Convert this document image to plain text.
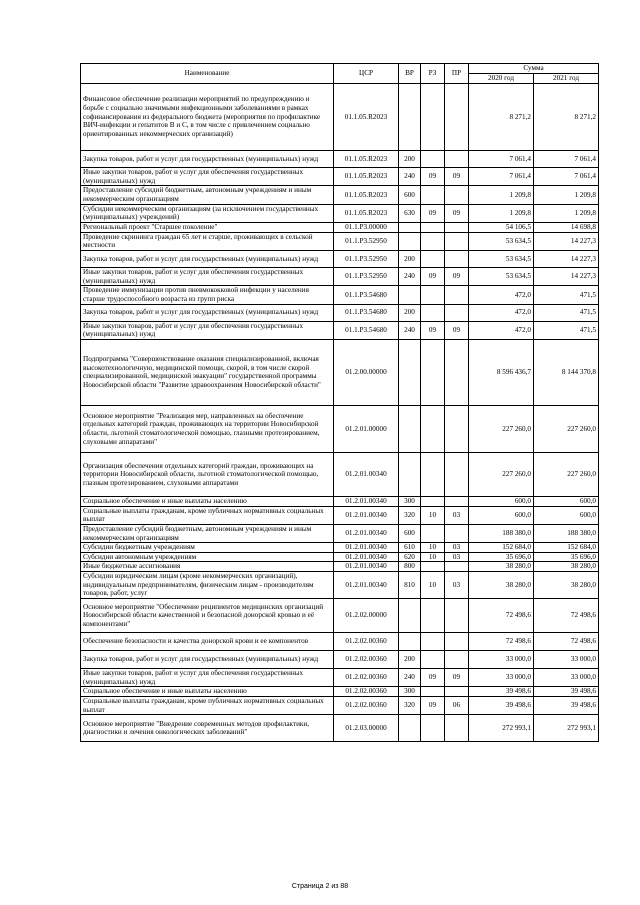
Наименование	ЦСР	ВР	РЗ	ПР	Сумма	
					2020 год	2021 год
Финансовое обеспечение реализации мероприятий по предупреждению и борьбе с социально значимыми инфекционными заболеваниями в рамках софинансирования из федерального бюджета (мероприятия по профилактике ВИЧ-инфекции и гепатитов В и С, в том числе с привлечением социально ориентированных некоммерческих организаций)	01.1.05.R2023				8 271,2	8 271,2
Закупка товаров, работ и услуг для государственных (муниципальных) нужд	01.1.05.R2023	200			7 061,4	7 061,4
Иные закупки товаров, работ и услуг для обеспечения государственных (муниципальных) нужд	01.1.05.R2023	240	09	09	7 061,4	7 061,4
Предоставление субсидий бюджетным, автономным учреждениям и иным некоммерческим организациям	01.1.05.R2023	600			1 209,8	1 209,8
Субсидии некоммерческим организациям (за исключением государственных (муниципальных) учреждений)	01.1.05.R2023	630	09	09	1 209,8	1 209,8
Региональный проект "Старшее поколение"	01.1.P3.00000				54 106,5	14 698,8
Проведение скрининга граждан 65 лет и старше, проживающих в сельской местности	01.1.P3.52950				53 634,5	14 227,3
Закупка товаров, работ и услуг для государственных (муниципальных) нужд	01.1.P3.52950	200			53 634,5	14 227,3
Иные закупки товаров, работ и услуг для обеспечения государственных (муниципальных) нужд	01.1.P3.52950	240	09	09	53 634,5	14 227,3
Проведение иммунизации против пневмококковой инфекции у населения старше трудоспособного возраста из групп риска	01.1.P3.54680				472,0	471,5
Закупка товаров, работ и услуг для государственных (муниципальных) нужд	01.1.P3.54680	200			472,0	471,5
Иные закупки товаров, работ и услуг для обеспечения государственных (муниципальных) нужд	01.1.P3.54680	240	09	09	472,0	471,5
Подпрограмма "Совершенствование оказания специализированной, включая высокотехнологичную, медицинской помощи, скорой, в том числе скорой специализированной, медицинской эвакуации" государственной программы Новосибирской области "Развитие здравоохранения Новосибирской области"	01.2.00.00000				8 596 436,7	8 144 370,8
Основное мероприятие "Реализация мер, направленных на обеспечение отдельных категорий граждан, проживающих на территории Новосибирской области, льготной стоматологической помощью, глазными протезированием, слуховыми аппаратами"	01.2.01.00000				227 260,0	227 260,0
Организация обеспечения отдельных категорий граждан, проживающих на территории Новосибирской области, льготной стоматологической помощью, глазным протезированием, слуховыми аппаратами	01.2.01.00340				227 260,0	227 260,0
Социальное обеспечение и иные выплаты населению	01.2.01.00340	300			600,0	600,0
Социальные выплаты гражданам, кроме публичных нормативных социальных выплат	01.2.01.00340	320	10	03	600,0	600,0
Предоставление субсидий бюджетным, автономным учреждениям и иным некоммерческим организациям	01.2.01.00340	600			188 380,0	188 380,0
Субсидии бюджетным учреждениям	01.2.01.00340	610	10	03	152 684,0	152 684,0
Субсидии автономным учреждениям	01.2.01.00340	620	10	03	35 696,0	35 696,0
Иные бюджетные ассигнования	01.2.01.00340	800			38 280,0	38 280,0
Субсидии юридическим лицам (кроме некоммерческих организаций), индивидуальным предпринимателям, физическим лицам - производителям товаров, работ, услуг	01.2.01.00340	810	10	03	38 280,0	38 280,0
Основное мероприятие "Обеспечение реципиентов медицинских организаций Новосибирской области качественной и безопасной донорской кровью и её компонентами"	01.2.02.00000				72 498,6	72 498,6
Обеспечение безопасности и качества донорской крови и ее компонентов	01.2.02.00360				72 498,6	72 498,6
Закупка товаров, работ и услуг для государственных (муниципальных) нужд	01.2.02.00360	200			33 000,0	33 000,0
Иные закупки товаров, работ и услуг для обеспечения государственных (муниципальных) нужд	01.2.02.00360	240	09	09	33 000,0	33 000,0
Социальное обеспечение и иные выплаты населению	01.2.02.00360	300			39 498,6	39 498,6
Социальные выплаты гражданам, кроме публичных нормативных социальных выплат	01.2.02.00360	320	09	06	39 498,6	39 498,6
Основное мероприятие "Внедрение современных методов профилактики, диагностики и лечения онкологических заболеваний"	01.2.03.00000				272 993,1	272 993,1
Страница 2 из 88
